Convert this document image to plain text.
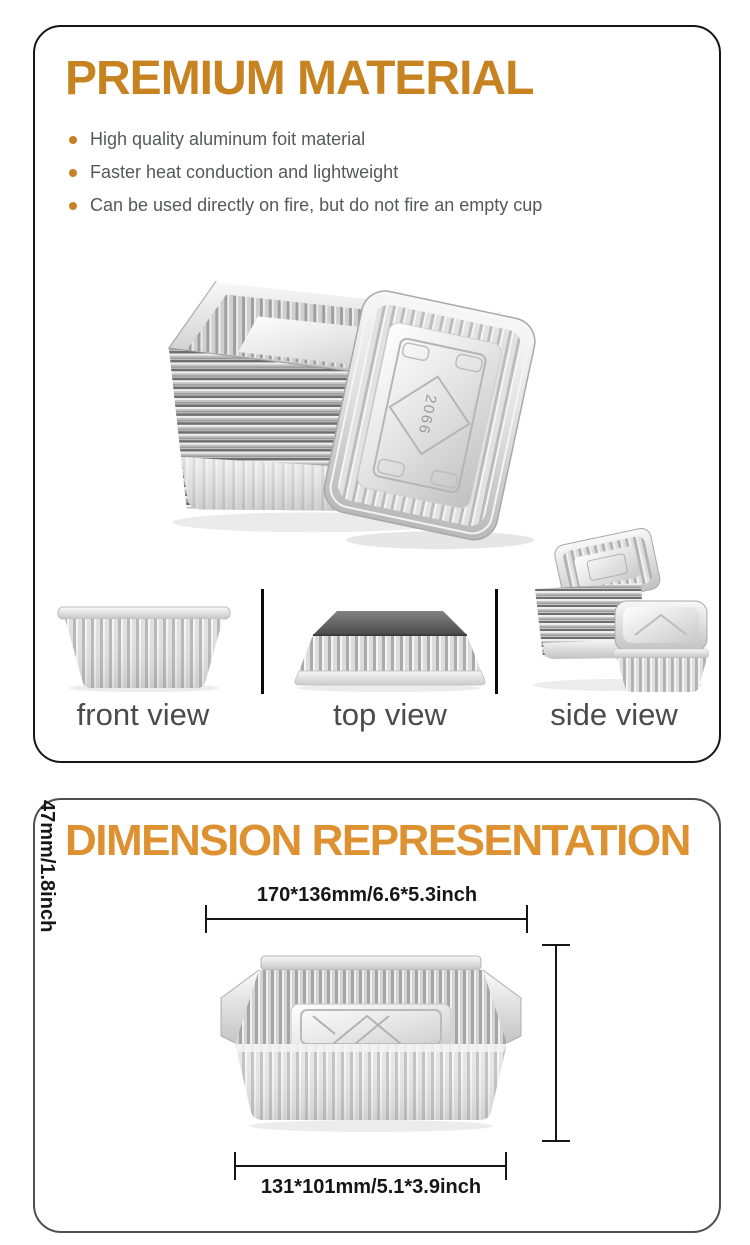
PREMIUM MATERIAL
High quality aluminum foit material
Faster heat conduction and lightweight
Can be used directly on fire, but do not fire an empty cup
2066
front view	top view	side view
DIMENSION REPRESENTATION
170*136mm/6.6*5.3inch
47mm/1.8inch
131*101mm/5.1*3.9inch
